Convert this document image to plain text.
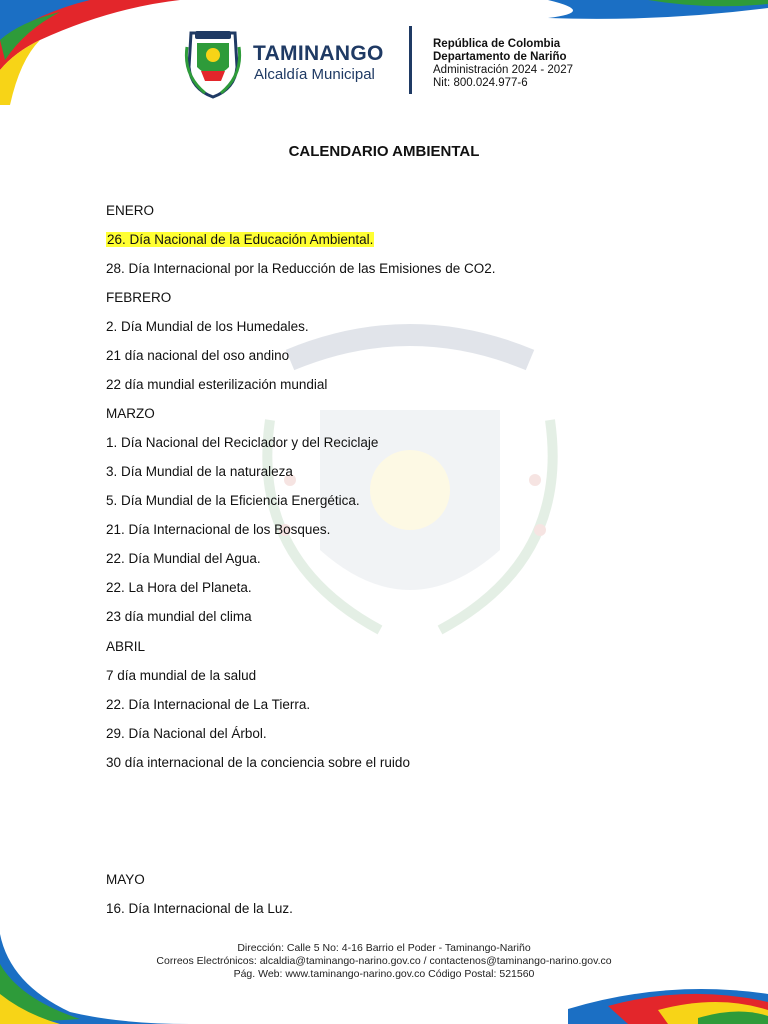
TAMINANGO
Alcaldía Municipal
República de Colombia
Departamento de Nariño
Administración 2024 - 2027
Nit: 800.024.977-6
CALENDARIO AMBIENTAL
ENERO
26. Día Nacional de la Educación Ambiental.
28. Día Internacional por la Reducción de las Emisiones de CO2.
FEBRERO
2. Día Mundial de los Humedales.
21 día nacional del oso andino
22 día mundial esterilización mundial
MARZO
1. Día Nacional del Reciclador y del Reciclaje
3. Día Mundial de la naturaleza
5. Día Mundial de la Eficiencia Energética.
21. Día Internacional de los Bosques.
22. Día Mundial del Agua.
22. La Hora del Planeta.
23 día mundial del clima
ABRIL
7 día mundial de la salud
22. Día Internacional de La Tierra.
29. Día Nacional del Árbol.
30 día internacional de la conciencia sobre el ruido
MAYO
16. Día Internacional de la Luz.
Dirección: Calle 5 No: 4-16 Barrio el Poder - Taminango-Nariño
Correos Electrónicos: alcaldia@taminango-narino.gov.co / contactenos@taminango-narino.gov.co
Pág. Web: www.taminango-narino.gov.co Código Postal: 521560
